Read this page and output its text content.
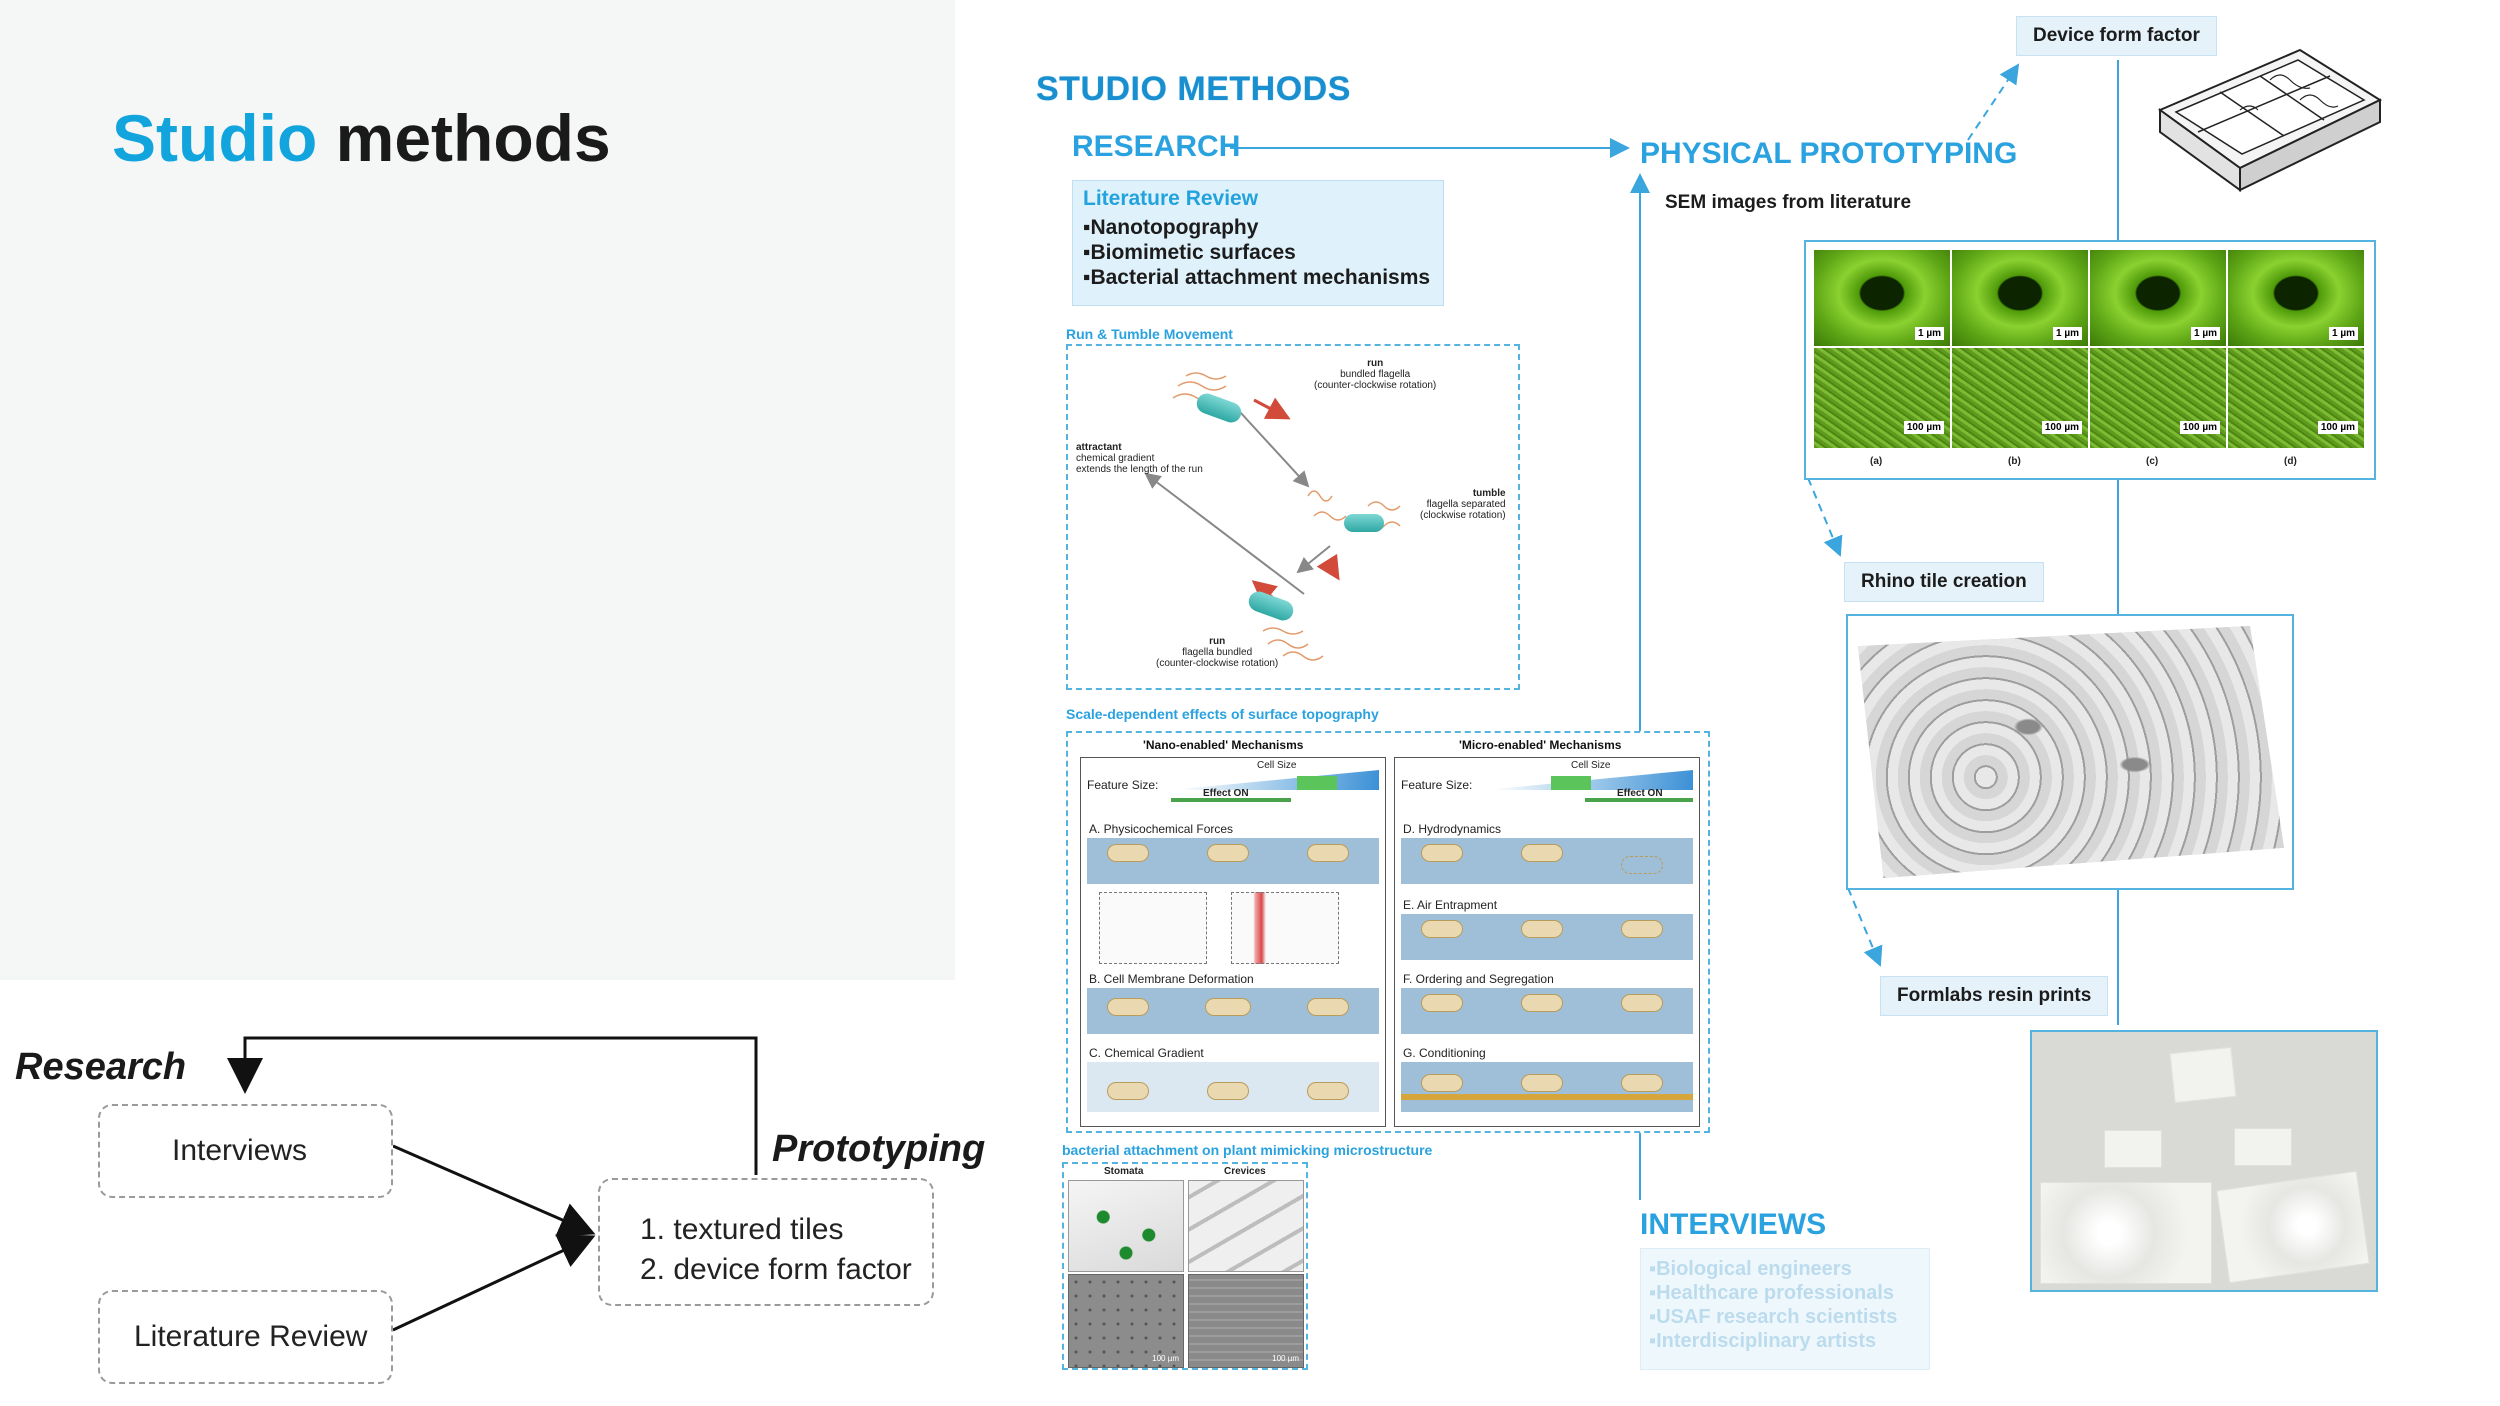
Studio methods
Research
Prototyping
Interviews
Literature Review
1. textured tiles
2. device form factor
STUDIO METHODS
RESEARCH	PHYSICAL PROTOTYPING
Literature Review
▪Nanotopography
▪Biomimetic surfaces
▪Bacterial attachment mechanisms
Run & Tumble Movement
run
bundled flagella
(counter-clockwise rotation)
attractant
chemical gradient
extends the length of the run
tumble
flagella separated
(clockwise rotation)
run
flagella bundled
(counter-clockwise rotation)
Scale-dependent effects of surface topography
'Nano-enabled' Mechanisms
Feature Size:
Cell Size
Effect ON
A. Physicochemical Forces
B. Cell Membrane Deformation
C. Chemical Gradient
'Micro-enabled' Mechanisms
Feature Size:
Cell Size
Effect ON
D. Hydrodynamics
E. Air Entrapment
F. Ordering and Segregation
G. Conditioning
bacterial attachment on plant mimicking microstructure
Stomata	Crevices
100 µm	100 µm
INTERVIEWS
▪Biological engineers
▪Healthcare professionals
▪USAF research scientists
▪Interdisciplinary artists
Device form factor
SEM images from literature
1 µm	1 µm	1 µm	1 µm
100 µm	100 µm	100 µm	100 µm
(a)	(b)	(c)	(d)
Rhino tile creation
Formlabs resin prints
